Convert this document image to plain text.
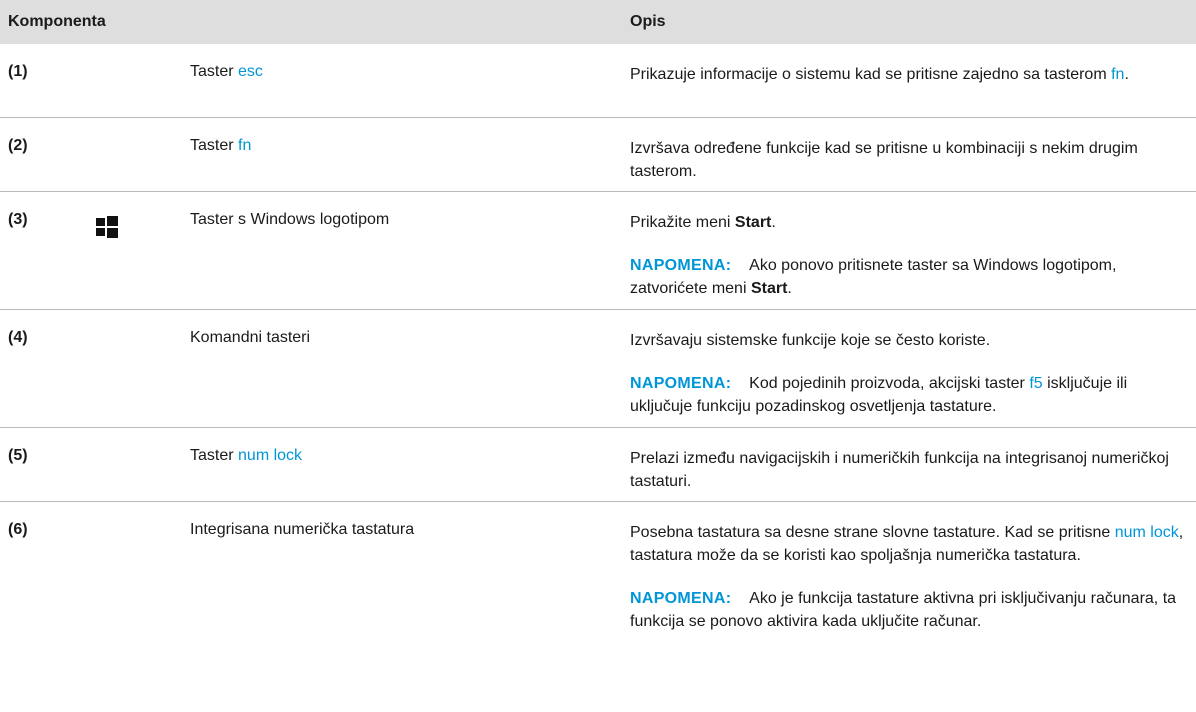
Komponenta	Opis
(1)	Taster esc	Prikazuje informacije o sistemu kad se pritisne zajedno sa tasterom fn.

(2)	Taster fn	Izvršava određene funkcije kad se pritisne u kombinaciji s nekim drugim tasterom.

(3)	Taster s Windows logotipom	Prikažite meni Start.

NAPOMENA: Ako ponovo pritisnete taster sa Windows logotipom, zatvorićete meni Start.

(4)	Komandni tasteri	Izvršavaju sistemske funkcije koje se često koriste.

NAPOMENA: Kod pojedinih proizvoda, akcijski taster f5 isključuje ili uključuje funkciju pozadinskog osvetljenja tastature.

(5)	Taster num lock	Prelazi između navigacijskih i numeričkih funkcija na integrisanoj numeričkoj tastaturi.

(6)	Integrisana numerička tastatura	Posebna tastatura sa desne strane slovne tastature. Kad se pritisne num lock, tastatura može da se koristi kao spoljašnja numerička tastatura.

NAPOMENA: Ako je funkcija tastature aktivna pri isključivanju računara, ta funkcija se ponovo aktivira kada uključite računar.
